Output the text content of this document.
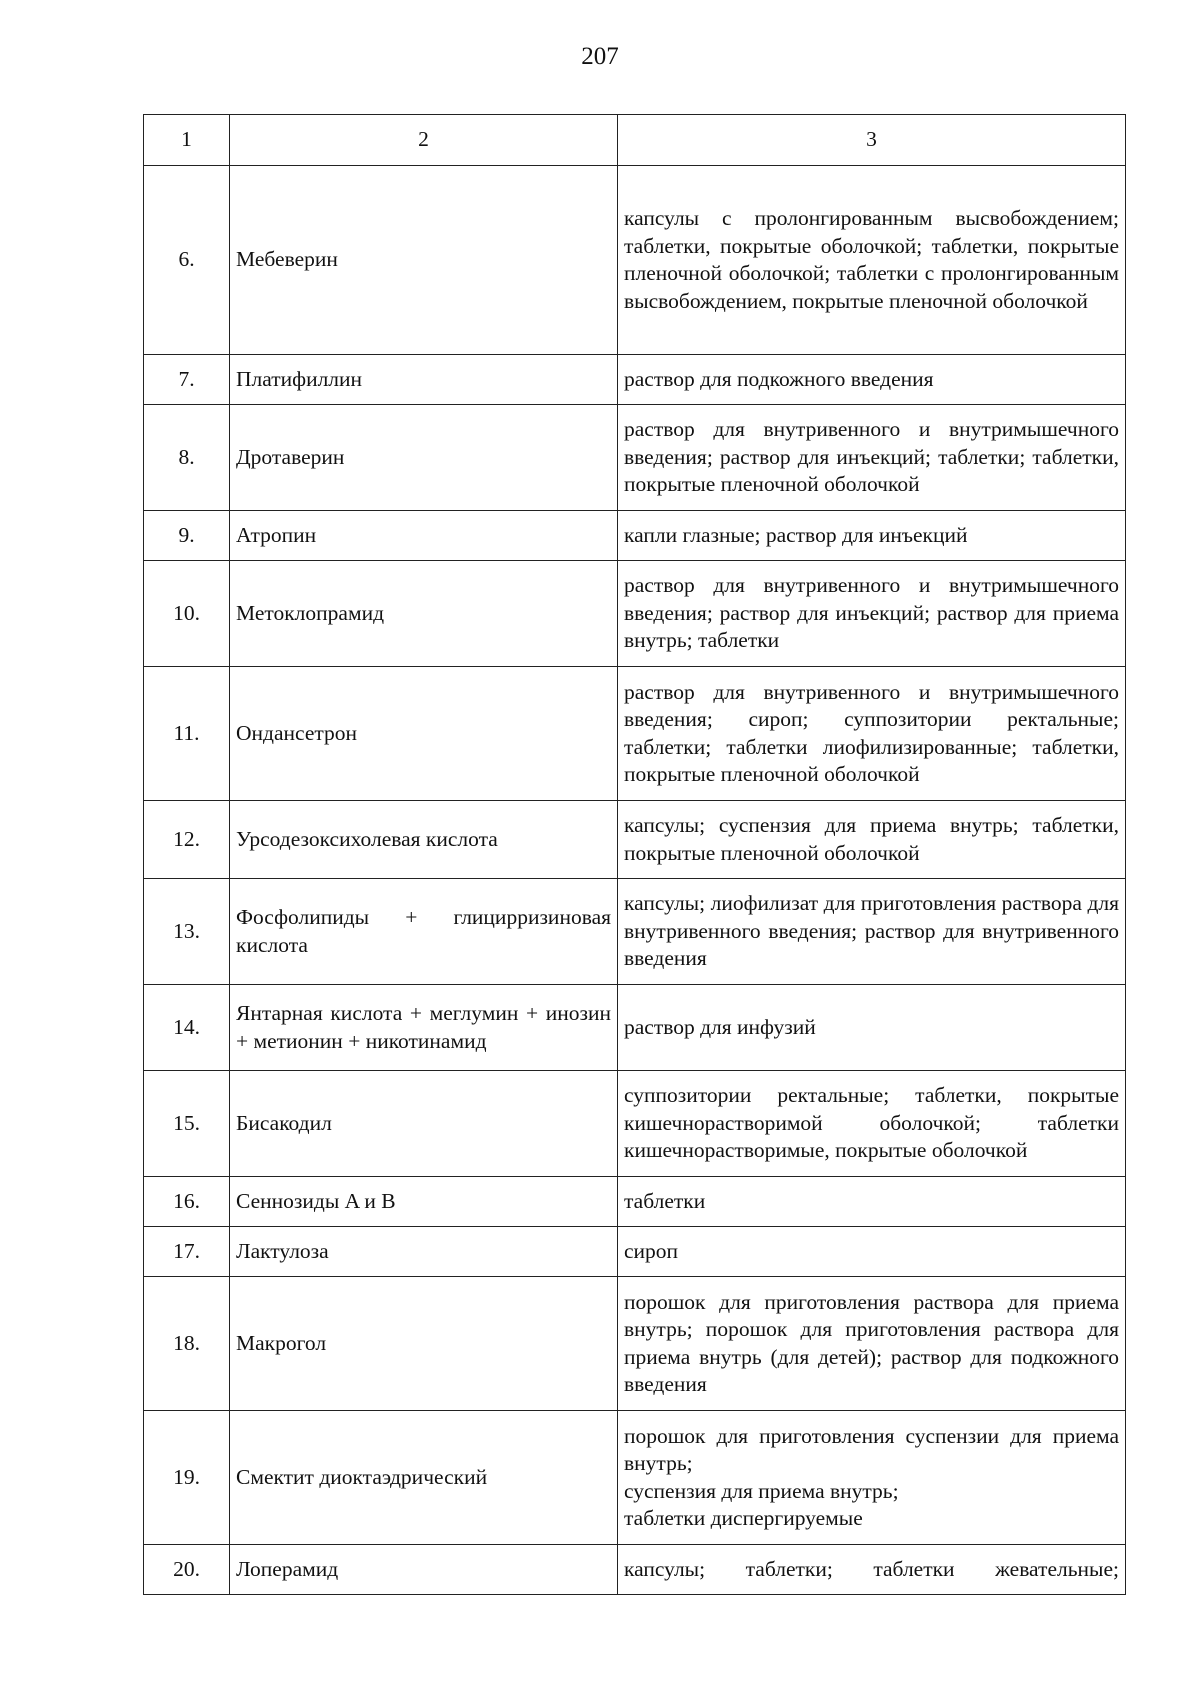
207
1	2	3
6.	Мебеверин	капсулы с пролонгированным высвобождением; таблетки, покрытые оболочкой; таблетки, покрытые пленочной оболочкой; таблетки с пролонгированным высвобождением, покрытые пленочной оболочкой

7.	Платифиллин	раствор для подкожного введения

8.	Дротаверин	раствор для внутривенного и внутримышечного введения; раствор для инъекций; таблетки; таблетки, покрытые пленочной оболочкой

9.	Атропин	капли глазные; раствор для инъекций

10.	Метоклопрамид	раствор для внутривенного и внутримышечного введения; раствор для инъекций; раствор для приема внутрь; таблетки

11.	Ондансетрон	раствор для внутривенного и внутримышечного введения; сироп; суппозитории ректальные; таблетки; таблетки лиофилизированные; таблетки, покрытые пленочной оболочкой

12.	Урсодезоксихолевая кислота	капсулы; суспензия для приема внутрь; таблетки, покрытые пленочной оболочкой

13.	Фосфолипиды + глицирризиновая кислота	капсулы; лиофилизат для приготовления раствора для внутривенного введения; раствор для внутривенного введения

14.	Янтарная кислота + меглумин + инозин + метионин + никотинамид	раствор для инфузий

15.	Бисакодил	суппозитории ректальные; таблетки, покрытые кишечнорастворимой оболочкой; таблетки кишечнорастворимые, покрытые оболочкой

16.	Сеннозиды A и B	таблетки

17.	Лактулоза	сироп

18.	Макрогол	порошок для приготовления раствора для приема внутрь; порошок для приготовления раствора для приема внутрь (для детей); раствор для подкожного введения

19.	Смектит диоктаэдрический	порошок для приготовления суспензии для приема внутрь;
суспензия для приема внутрь;
таблетки диспергируемые

20.	Лоперамид	капсулы; таблетки; таблетки жевательные;
